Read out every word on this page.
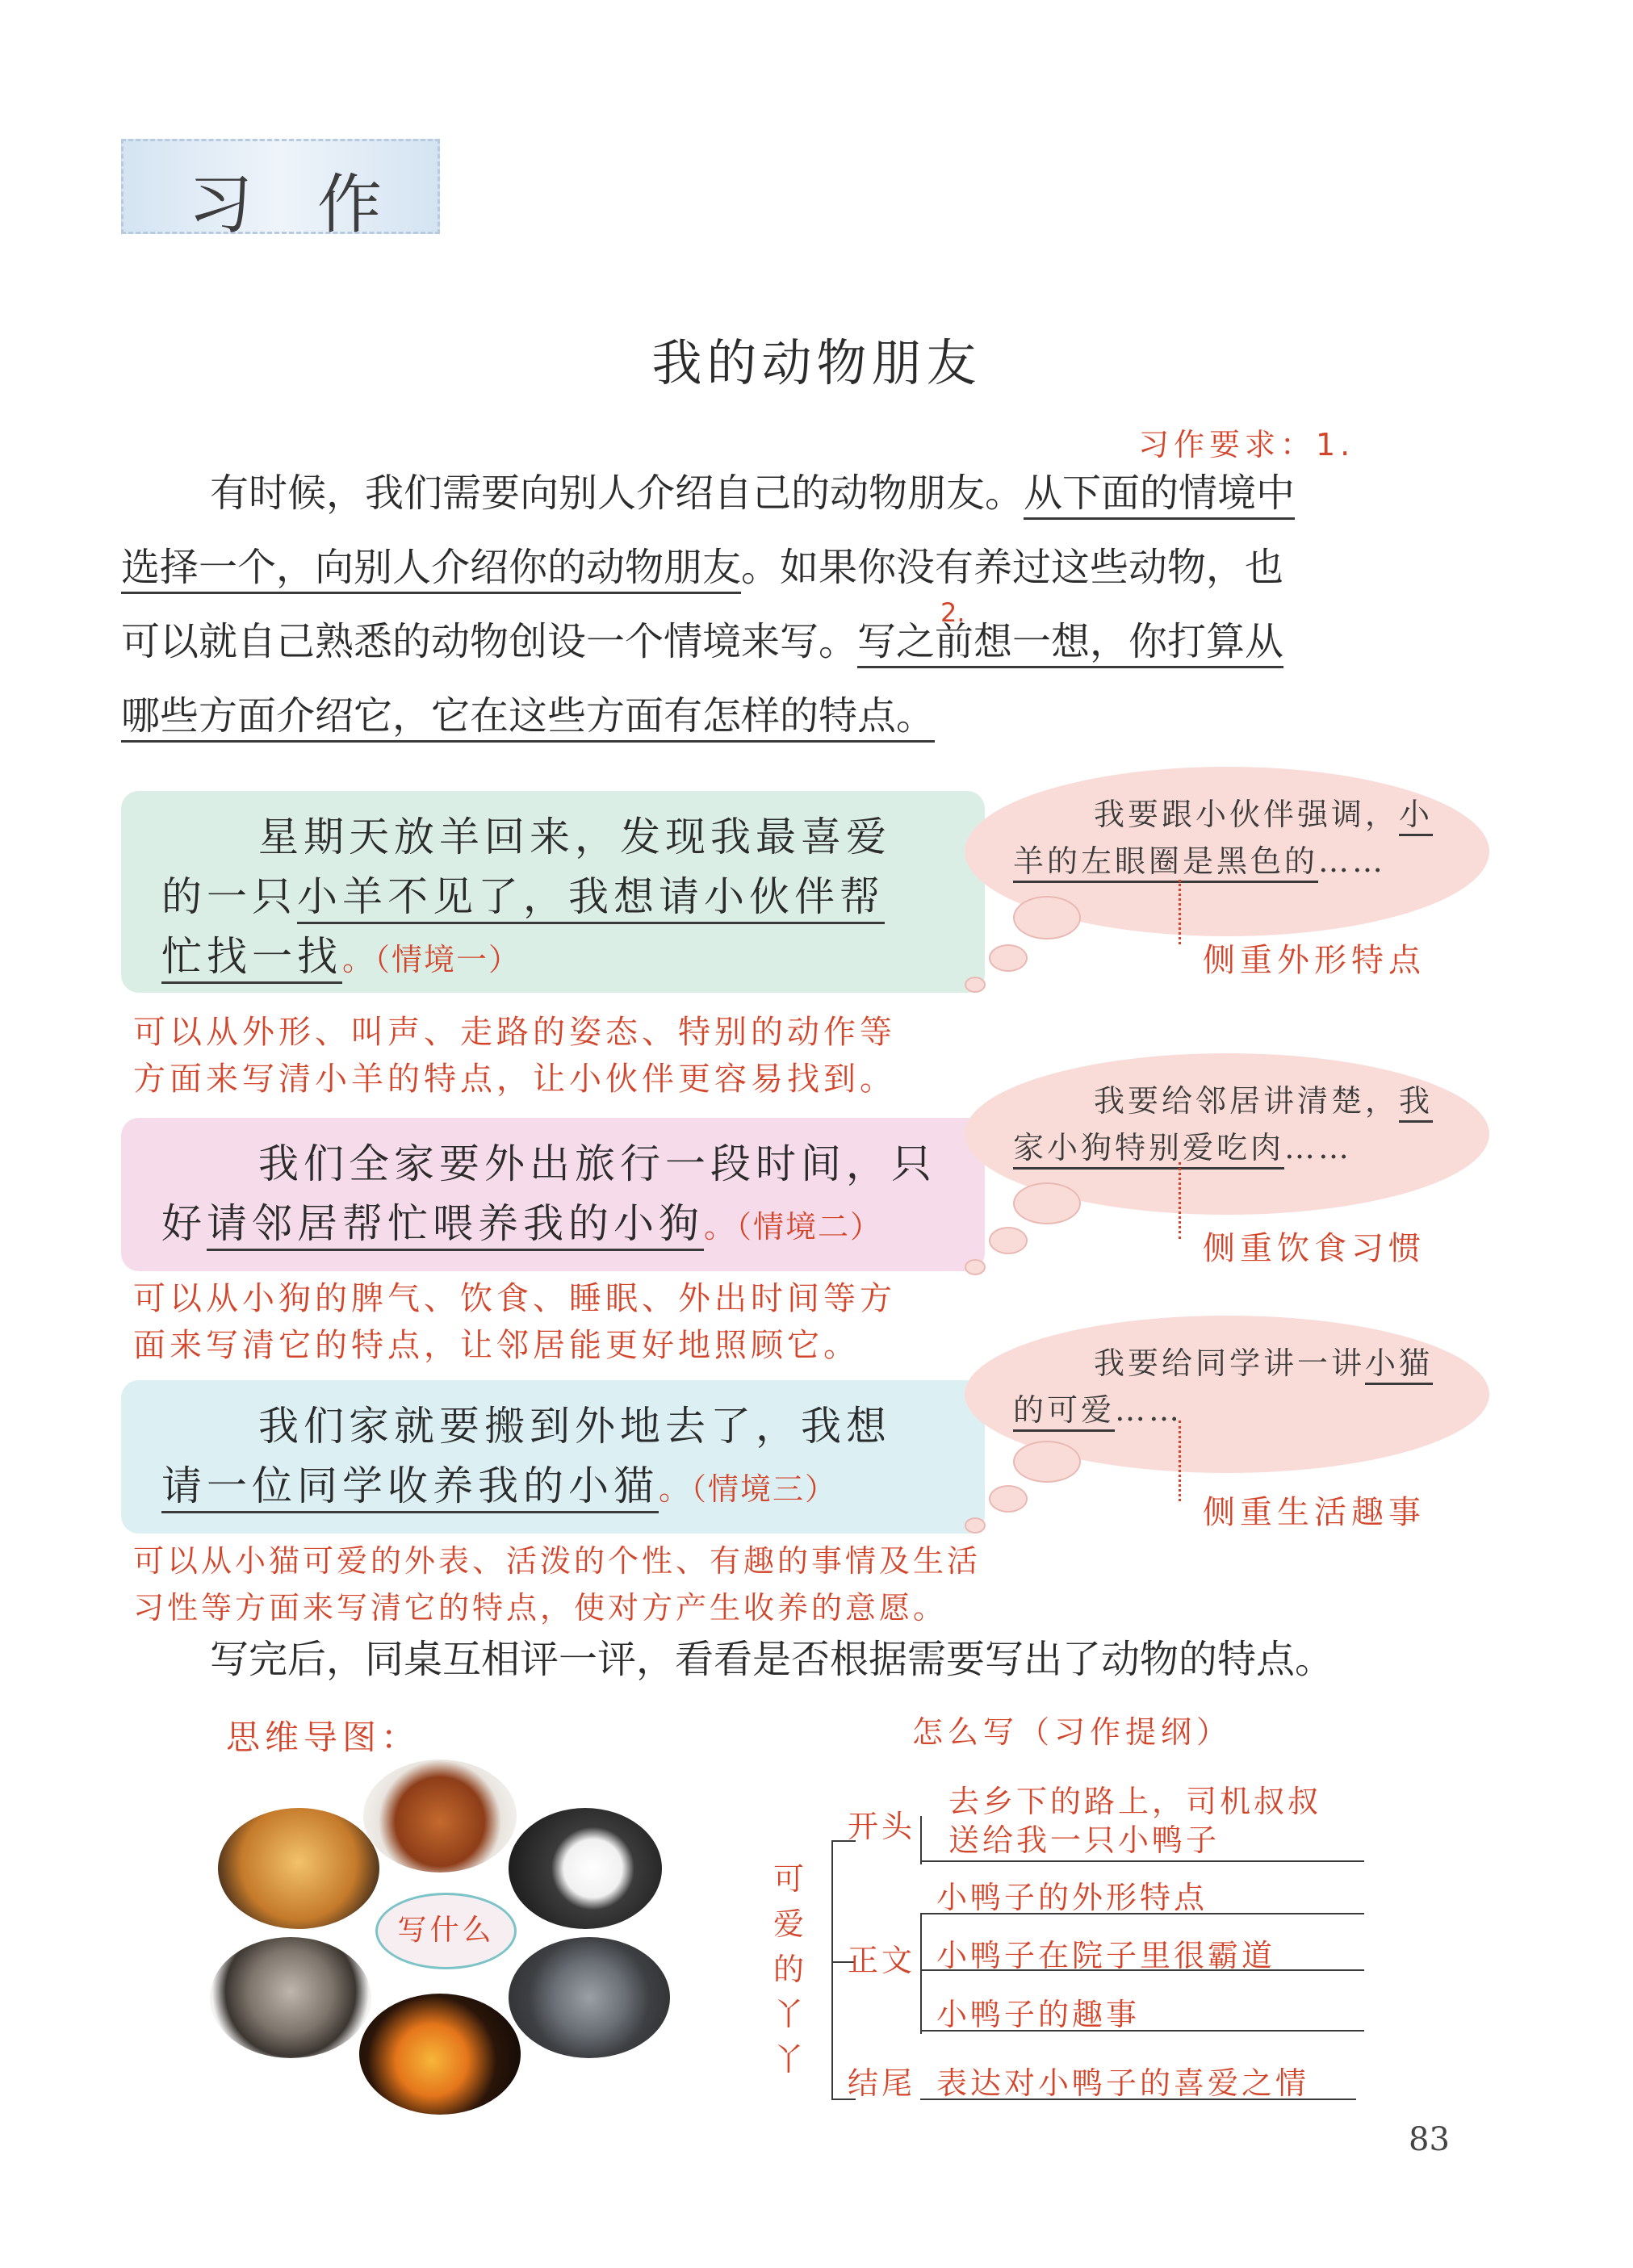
习 作
我的动物朋友
习作要求：1.
2.
有时候，我们需要向别人介绍自己的动物朋友。从下面的情境中
选择一个，向别人介绍你的动物朋友。如果你没有养过这些动物，也
可以就自己熟悉的动物创设一个情境来写。写之前想一想，你打算从
哪些方面介绍它，它在这些方面有怎样的特点。
星期天放羊回来，发现我最喜爱
的一只小羊不见了，我想请小伙伴帮
忙找一找。（情境一）
可以从外形、叫声、走路的姿态、特别的动作等
方面来写清小羊的特点，让小伙伴更容易找到。
我要跟小伙伴强调，小
羊的左眼圈是黑色的……
侧重外形特点
我们全家要外出旅行一段时间，只
好请邻居帮忙喂养我的小狗。（情境二）
可以从小狗的脾气、饮食、睡眠、外出时间等方
面来写清它的特点，让邻居能更好地照顾它。
我要给邻居讲清楚，我
家小狗特别爱吃肉……
侧重饮食习惯
我们家就要搬到外地去了，我想
请一位同学收养我的小猫。（情境三）
可以从小猫可爱的外表、活泼的个性、有趣的事情及生活
习性等方面来写清它的特点，使对方产生收养的意愿。
我要给同学讲一讲小猫
的可爱……
侧重生活趣事
写完后，同桌互相评一评，看看是否根据需要写出了动物的特点。
思维导图：
写什么
怎么写（习作提纲）
可
爱
的
丫
丫
开头
去乡下的路上，司机叔叔
送给我一只小鸭子
正文
小鸭子的外形特点
小鸭子在院子里很霸道
小鸭子的趣事
结尾 表达对小鸭子的喜爱之情
83
